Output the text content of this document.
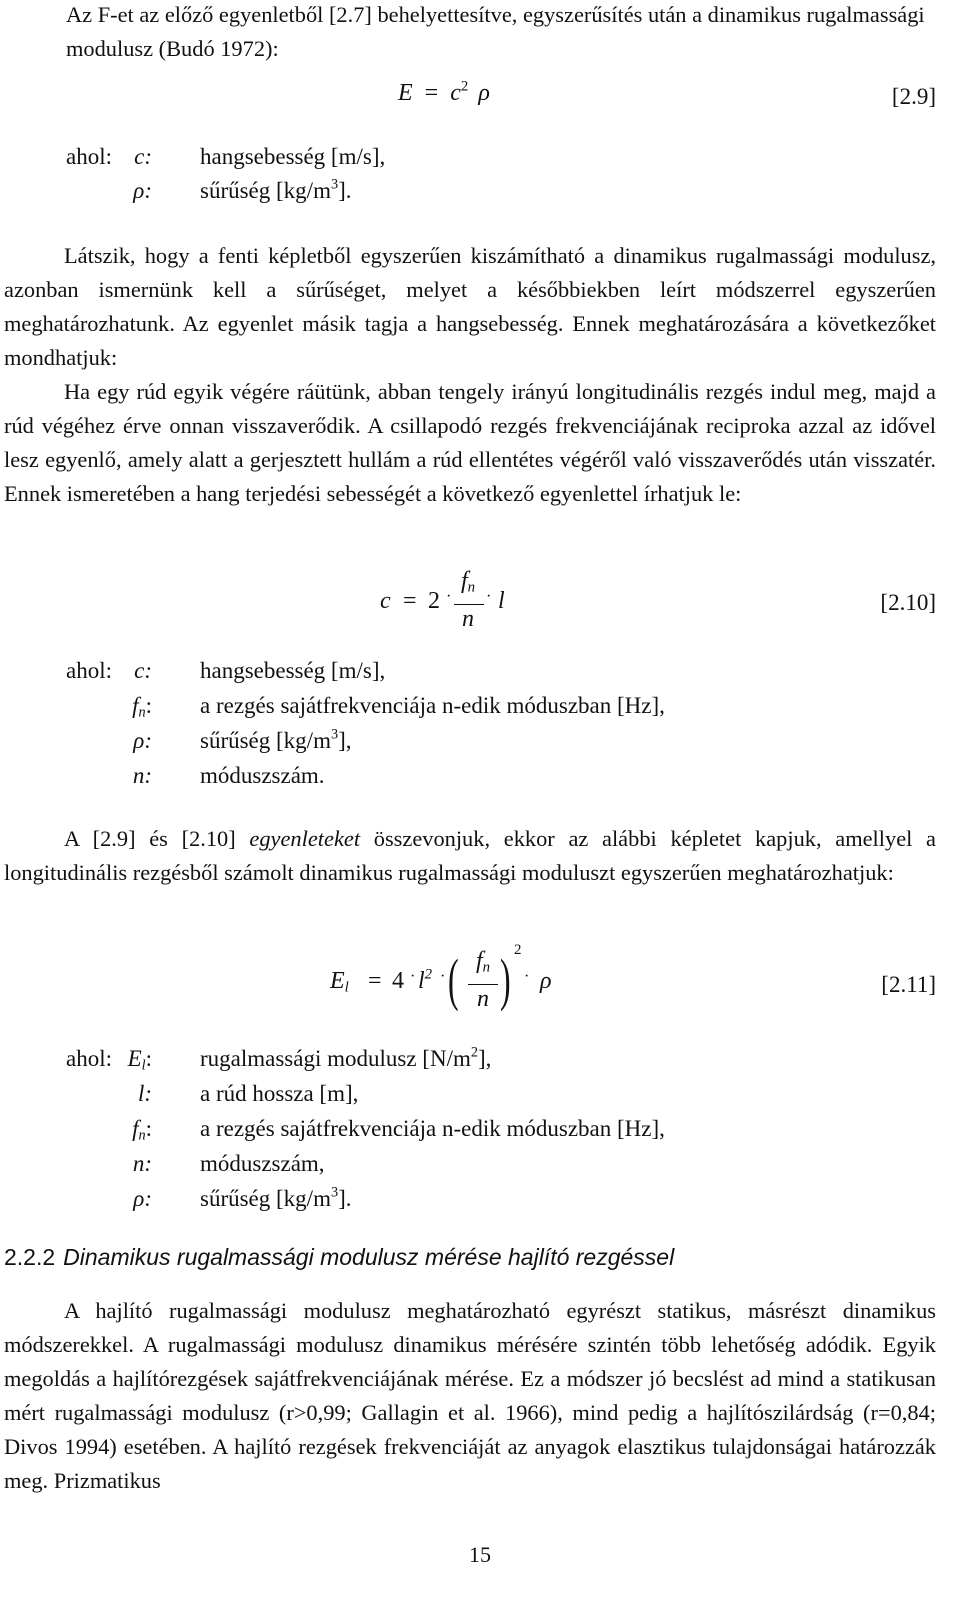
Az F-et az előző egyenletből [2.7] behelyettesítve, egyszerűsítés után a dinamikus rugalmassági modulusz (Budó 1972):

$E = c^2$ ρ	[2.9]
ahol: c: hangsebesség [m/s],
ρ: sűrűség $[kg/m^3]$.

Látszik, hogy a fenti képletből egyszerűen kiszámítható a dinamikus rugalmassági modulusz, azonban ismernünk kell a sűrűséget, melyet a későbbiekben leírt módszerrel egyszerűen meghatározhatunk. Az egyenlet másik tagja a hangsebesség. Ennek meghatározására a következőket mondhatjuk:

Ha egy rúd egyik végére ráütünk, abban tengely irányú longitudinális rezgés indul meg, majd a rúd végéhez érve onnan visszaverődik. A csillapodó rezgés frekvenciájának reciproka azzal az idővel lesz egyenlő, amely alatt a gerjesztett hullám a rúd ellentétes végéről való visszaverődés után visszatér. Ennek ismeretében a hang terjedési sebességét a következő egyenlettel írhatjuk le:

c = 2 ·
$f_n$
n
· l	[2.10]
ahol: c: hangsebesség [m/s],
$f_n$: a rezgés sajátfrekvenciája n-edik móduszban [Hz],
ρ: sűrűség $[kg/m^3]$,
n: móduszszám.

A [2.9] és [2.10] egyenleteket összevonjuk, ekkor az alábbi képletet kapjuk, amellyel a longitudinális rezgésből számolt dinamikus rugalmassági moduluszt egyszerűen meghatározhatjuk:

$E_l = 4 \cdot l^2$ · ( $f_n$
n ) 2
· ρ	[2.11]
ahol: $E_l$: rugalmassági modulusz $[N/m^2]$,
l: a rúd hossza [m],
$f_n$: a rezgés sajátfrekvenciája n-edik móduszban [Hz],
n: móduszszám,
ρ: sűrűség $[kg/m^3]$.
2.2.2 Dinamikus rugalmassági modulusz mérése hajlító rezgéssel

A hajlító rugalmassági modulusz meghatározható egyrészt statikus, másrészt dinamikus módszerekkel. A rugalmassági modulusz dinamikus mérésére szintén több lehetőség adódik. Egyik megoldás a hajlítórezgések sajátfrekvenciájának mérése. Ez a módszer jó becslést ad mind a statikusan mért rugalmassági modulusz (r>0,99; Gallagin et al. 1966), mind pedig a hajlítószilárdság (r=0,84; Divos 1994) esetében. A hajlító rezgések frekvenciáját az anyagok elasztikus tulajdonságai határozzák meg. Prizmatikus

15
